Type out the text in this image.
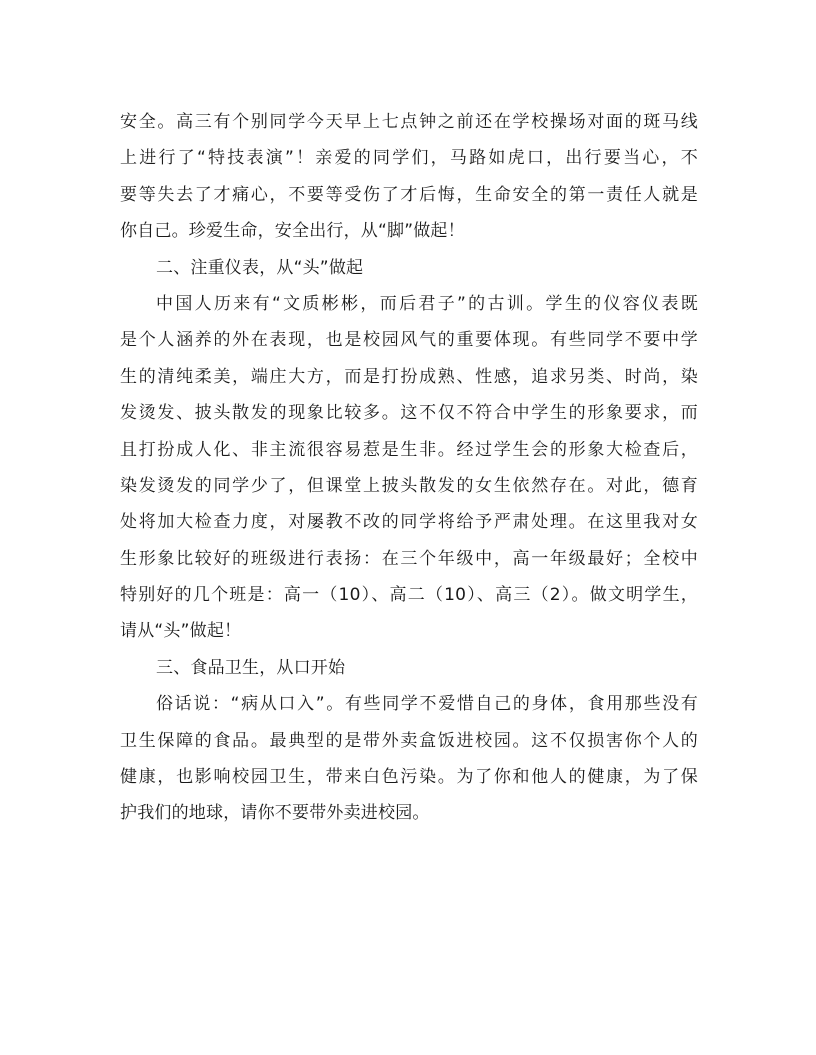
安全。高三有个别同学今天早上七点钟之前还在学校操场对面的斑马线
上进行了“特技表演”！亲爱的同学们，马路如虎口，出行要当心，不
要等失去了才痛心，不要等受伤了才后悔，生命安全的第一责任人就是
你自己。珍爱生命，安全出行，从“脚”做起！
二、注重仪表，从“头”做起
中国人历来有“文质彬彬，而后君子”的古训。学生的仪容仪表既
是个人涵养的外在表现，也是校园风气的重要体现。有些同学不要中学
生的清纯柔美，端庄大方，而是打扮成熟、性感，追求另类、时尚，染
发烫发、披头散发的现象比较多。这不仅不符合中学生的形象要求，而
且打扮成人化、非主流很容易惹是生非。经过学生会的形象大检查后，
染发烫发的同学少了，但课堂上披头散发的女生依然存在。对此，德育
处将加大检查力度，对屡教不改的同学将给予严肃处理。在这里我对女
生形象比较好的班级进行表扬：在三个年级中，高一年级最好；全校中
特别好的几个班是：高一（10）、高二（10）、高三（2）。做文明学生，
请从“头”做起！
三、食品卫生，从口开始
俗话说：“病从口入”。有些同学不爱惜自己的身体，食用那些没有
卫生保障的食品。最典型的是带外卖盒饭进校园。这不仅损害你个人的
健康，也影响校园卫生，带来白色污染。为了你和他人的健康，为了保
护我们的地球，请你不要带外卖进校园。
